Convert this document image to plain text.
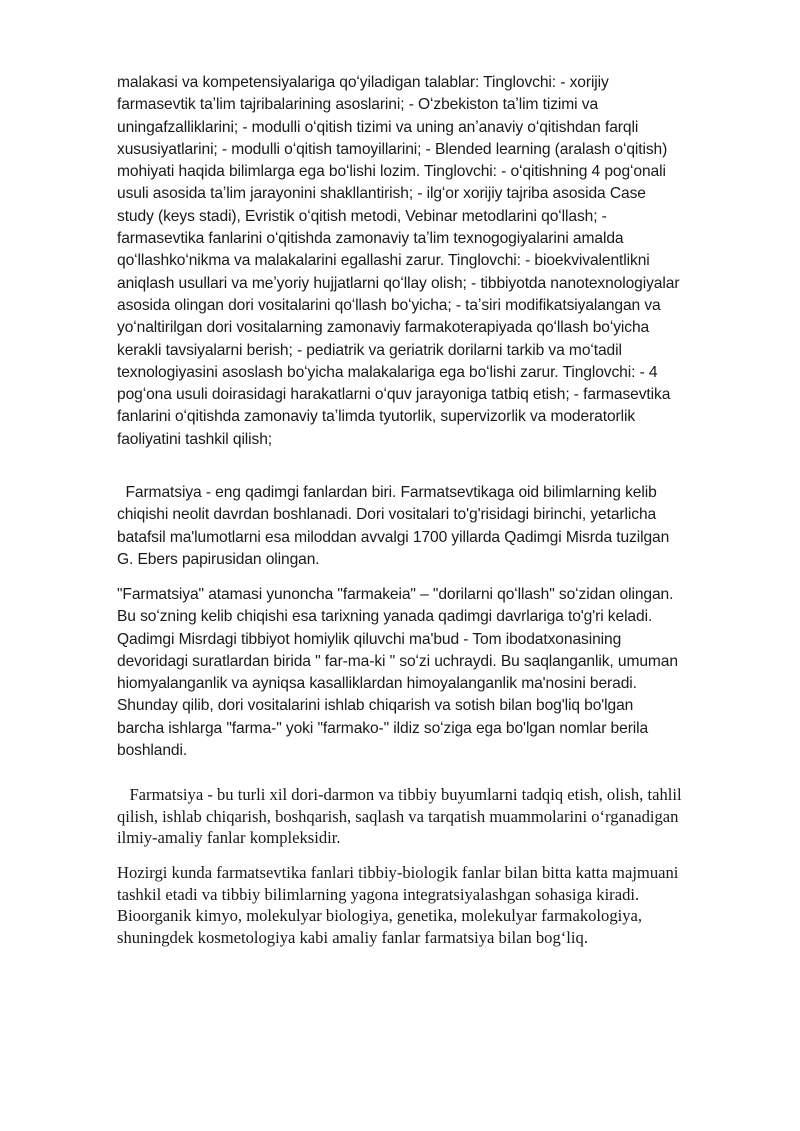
malakasi va kompetensiyalariga qoʻyiladigan talablar: Tinglovchi: - xorijiy farmasevtik taʼlim tajribalarining asoslarini; - Oʻzbekiston taʼlim tizimi va uningafzalliklarini; - modulli oʻqitish tizimi va uning anʼanaviy oʻqitishdan farqli xususiyatlarini; - modulli oʻqitish tamoyillarini; - Blended learning (aralash oʻqitish) mohiyati haqida bilimlarga ega boʻlishi lozim. Tinglovchi: - oʻqitishning 4 pogʻonali usuli asosida taʼlim jarayonini shakllantirish; - ilgʻor xorijiy tajriba asosida Case study (keys stadi), Evristik oʻqitish metodi, Vebinar metodlarini qoʻllash; - farmasevtika fanlarini oʻqitishda zamonaviy taʼlim texnogogiyalarini amalda qoʻllashkoʻnikma va malakalarini egallashi zarur. Tinglovchi: - bioekvivalentlikni aniqlash usullari va meʼyoriy hujjatlarni qoʻllay olish; - tibbiyotda nanotexnologiyalar asosida olingan dori vositalarini qoʻllash boʻyicha; - taʼsiri modifikatsiyalangan va yoʻnaltirilgan dori vositalarning zamonaviy farmakoterapiyada qoʻllash boʻyicha kerakli tavsiyalarni berish; - pediatrik va geriatrik dorilarni tarkib va moʻtadil texnologiyasini asoslash boʻyicha malakalariga ega boʻlishi zarur. Tinglovchi: - 4 pogʻona usuli doirasidagi harakatlarni oʻquv jarayoniga tatbiq etish; - farmasevtika fanlarini oʻqitishda zamonaviy taʼlimda tyutorlik, supervizorlik va moderatorlik faoliyatini tashkil qilish;

Farmatsiya - eng qadimgi fanlardan biri. Farmatsevtikaga oid bilimlarning kelib chiqishi neolit davrdan boshlanadi. Dori vositalari to'g'risidagi birinchi, yetarlicha batafsil ma'lumotlarni esa miloddan avvalgi 1700 yillarda Qadimgi Misrda tuzilgan G. Ebers papirusidan olingan.

"Farmatsiya" atamasi yunoncha "farmakeia" – "dorilarni qoʻllash" soʻzidan olingan. Bu soʻzning kelib chiqishi esa tarixning yanada qadimgi davrlariga to'g'ri keladi. Qadimgi Misrdagi tibbiyot homiylik qiluvchi ma'bud - Tom ibodatxonasining devoridagi suratlardan birida " far-ma-ki " soʻzi uchraydi. Bu saqlanganlik, umuman hiomyalanganlik va ayniqsa kasalliklardan himoyalanganlik ma'nosini beradi. Shunday qilib, dori vositalarini ishlab chiqarish va sotish bilan bog'liq bo'lgan barcha ishlarga "farma-" yoki "farmako-" ildiz soʻziga ega bo'lgan nomlar berila boshlandi.

Farmatsiya - bu turli xil dori-darmon va tibbiy buyumlarni tadqiq etish, olish, tahlil qilish, ishlab chiqarish, boshqarish, saqlash va tarqatish muammolarini oʻrganadigan ilmiy-amaliy fanlar kompleksidir.

Hozirgi kunda farmatsevtika fanlari tibbiy-biologik fanlar bilan bitta katta majmuani tashkil etadi va tibbiy bilimlarning yagona integratsiyalashgan sohasiga kiradi. Bioorganik kimyo, molekulyar biologiya, genetika, molekulyar farmakologiya, shuningdek kosmetologiya kabi amaliy fanlar farmatsiya bilan bogʻliq.
